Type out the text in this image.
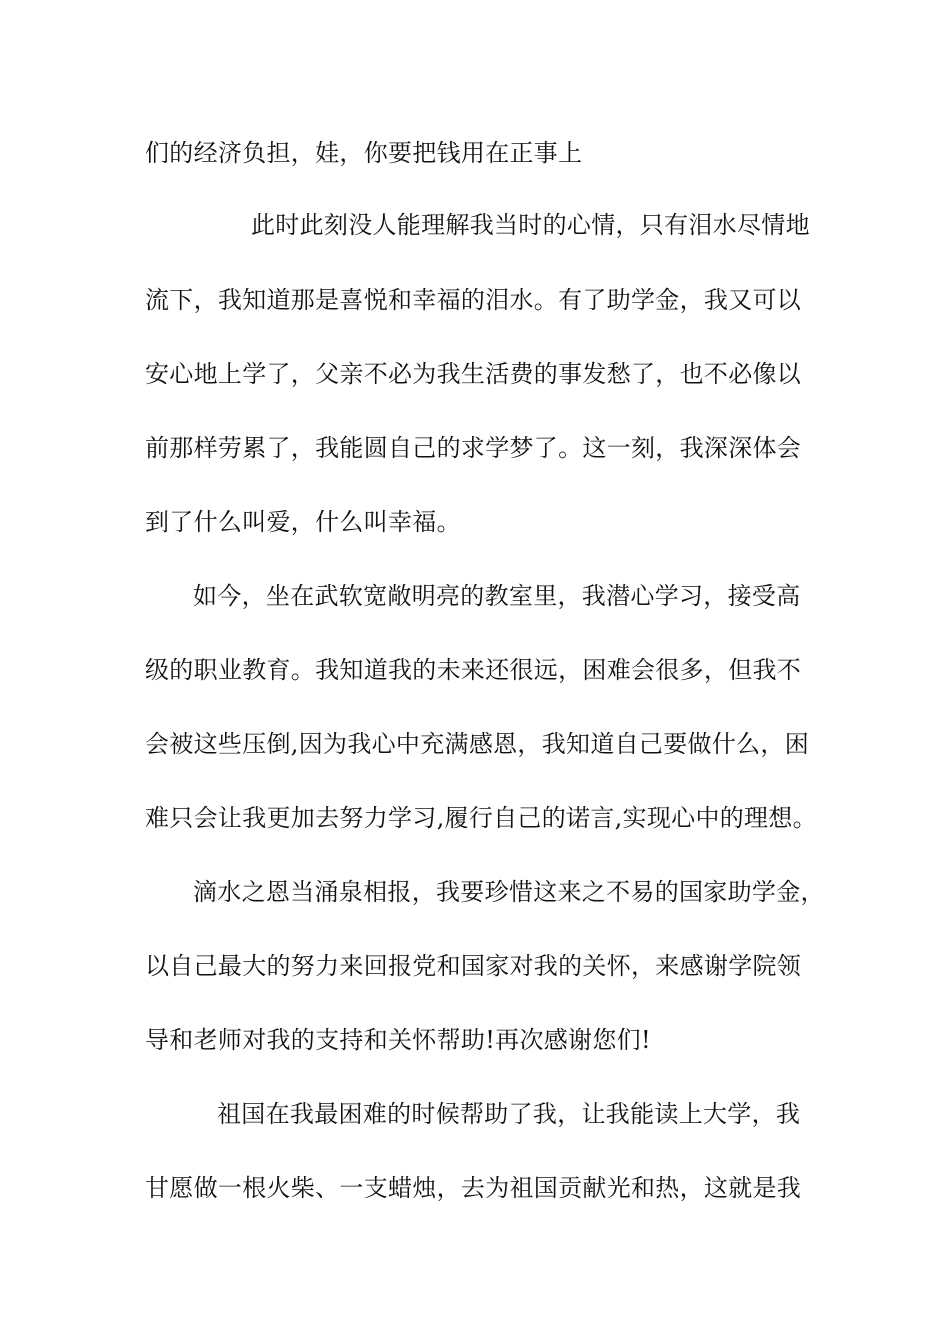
们的经济负担，娃，你要把钱用在正事上
此时此刻没人能理解我当时的心情，只有泪水尽情地
流下，我知道那是喜悦和幸福的泪水。有了助学金，我又可以
安心地上学了，父亲不必为我生活费的事发愁了，也不必像以
前那样劳累了，我能圆自己的求学梦了。这一刻，我深深体会
到了什么叫爱，什么叫幸福。
如今，坐在武软宽敞明亮的教室里，我潜心学习，接受高
级的职业教育。我知道我的未来还很远，困难会很多，但我不
会被这些压倒,因为我心中充满感恩，我知道自己要做什么，困
难只会让我更加去努力学习,履行自己的诺言,实现心中的理想。
滴水之恩当涌泉相报，我要珍惜这来之不易的国家助学金，
以自己最大的努力来回报党和国家对我的关怀，来感谢学院领
导和老师对我的支持和关怀帮助!再次感谢您们!
祖国在我最困难的时候帮助了我，让我能读上大学，我
甘愿做一根火柴、一支蜡烛，去为祖国贡献光和热，这就是我
